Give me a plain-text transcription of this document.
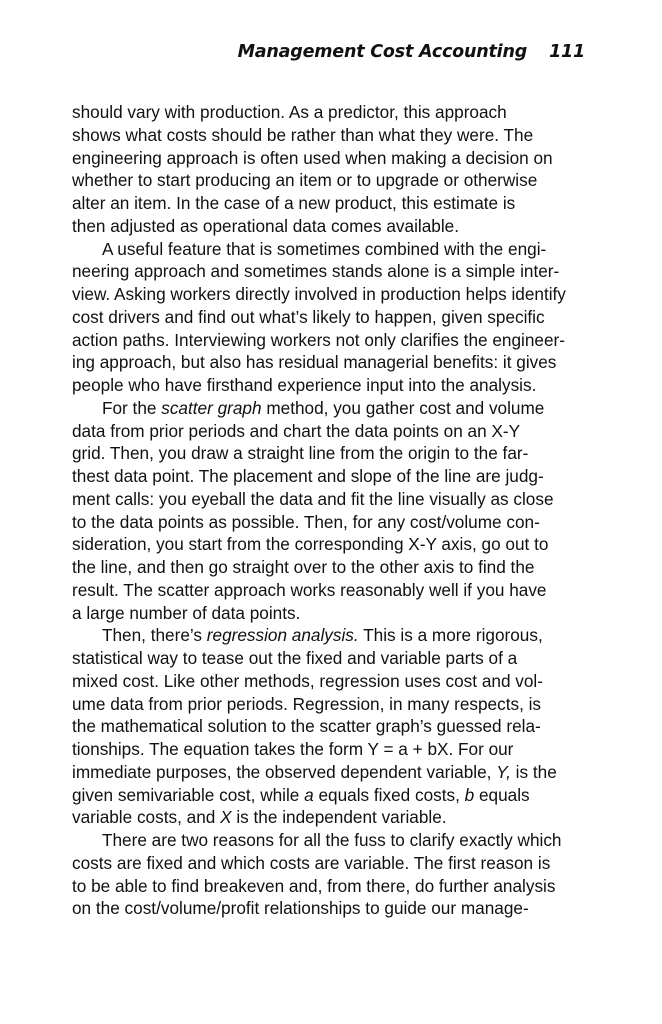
Management Cost Accounting 111
should vary with production. As a predictor, this approach
shows what costs should be rather than what they were. The
engineering approach is often used when making a decision on
whether to start producing an item or to upgrade or otherwise
alter an item. In the case of a new product, this estimate is
then adjusted as operational data comes available.
A useful feature that is sometimes combined with the engi-
neering approach and sometimes stands alone is a simple inter-
view. Asking workers directly involved in production helps identify
cost drivers and find out what’s likely to happen, given specific
action paths. Interviewing workers not only clarifies the engineer-
ing approach, but also has residual managerial benefits: it gives
people who have firsthand experience input into the analysis.
For the scatter graph method, you gather cost and volume
data from prior periods and chart the data points on an X-Y
grid. Then, you draw a straight line from the origin to the far-
thest data point. The placement and slope of the line are judg-
ment calls: you eyeball the data and fit the line visually as close
to the data points as possible. Then, for any cost/volume con-
sideration, you start from the corresponding X-Y axis, go out to
the line, and then go straight over to the other axis to find the
result. The scatter approach works reasonably well if you have
a large number of data points.
Then, there’s regression analysis. This is a more rigorous,
statistical way to tease out the fixed and variable parts of a
mixed cost. Like other methods, regression uses cost and vol-
ume data from prior periods. Regression, in many respects, is
the mathematical solution to the scatter graph’s guessed rela-
tionships. The equation takes the form Y = a + bX. For our
immediate purposes, the observed dependent variable, Y, is the
given semivariable cost, while a equals fixed costs, b equals
variable costs, and X is the independent variable.
There are two reasons for all the fuss to clarify exactly which
costs are fixed and which costs are variable. The first reason is
to be able to find breakeven and, from there, do further analysis
on the cost/volume/profit relationships to guide our manage-
